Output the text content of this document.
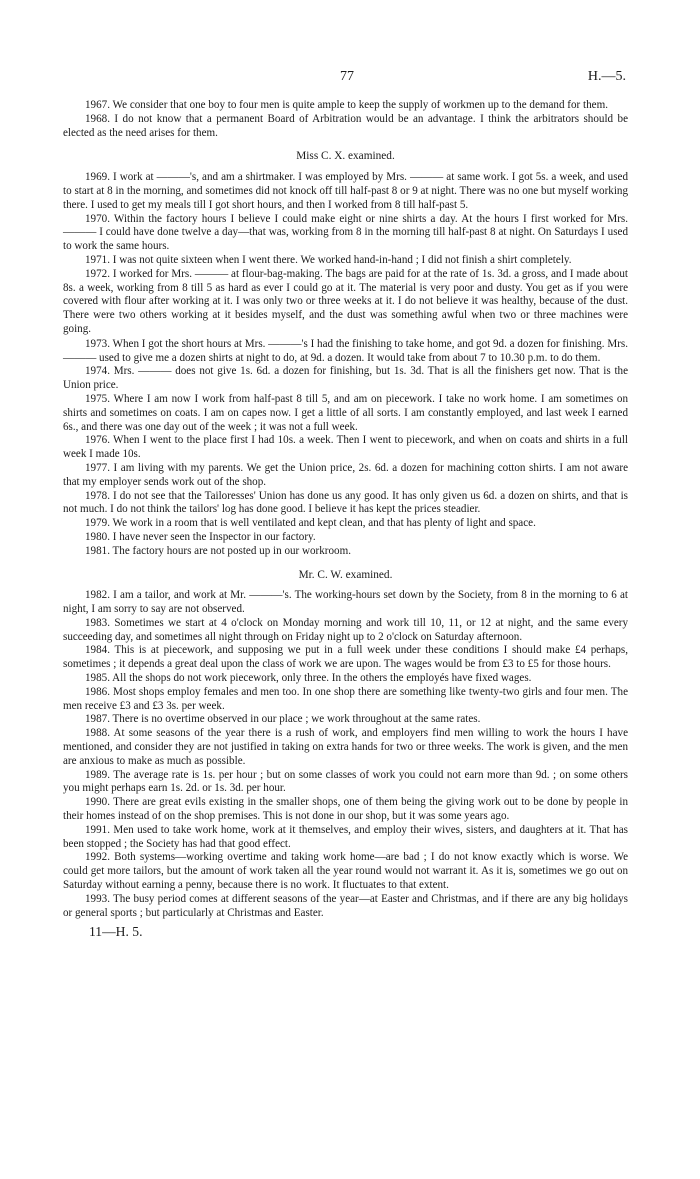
77	H.—5.

1967. We consider that one boy to four men is quite ample to keep the supply of workmen up to the demand for them.

1968. I do not know that a permanent Board of Arbitration would be an advantage. I think the arbitrators should be elected as the need arises for them.

Miss C. X. examined.

1969. I work at ———'s, and am a shirtmaker. I was employed by Mrs. ——— at same work. I got 5s. a week, and used to start at 8 in the morning, and sometimes did not knock off till half-past 8 or 9 at night. There was no one but myself working there. I used to get my meals till I got short hours, and then I worked from 8 till half-past 5.

1970. Within the factory hours I believe I could make eight or nine shirts a day. At the hours I first worked for Mrs. ——— I could have done twelve a day—that was, working from 8 in the morning till half-past 8 at night. On Saturdays I used to work the same hours.

1971. I was not quite sixteen when I went there. We worked hand-in-hand ; I did not finish a shirt completely.

1972. I worked for Mrs. ——— at flour-bag-making. The bags are paid for at the rate of 1s. 3d. a gross, and I made about 8s. a week, working from 8 till 5 as hard as ever I could go at it. The material is very poor and dusty. You get as if you were covered with flour after working at it. I was only two or three weeks at it. I do not believe it was healthy, because of the dust. There were two others working at it besides myself, and the dust was something awful when two or three machines were going.

1973. When I got the short hours at Mrs. ———'s I had the finishing to take home, and got 9d. a dozen for finishing. Mrs. ——— used to give me a dozen shirts at night to do, at 9d. a dozen. It would take from about 7 to 10.30 p.m. to do them.

1974. Mrs. ——— does not give 1s. 6d. a dozen for finishing, but 1s. 3d. That is all the finishers get now. That is the Union price.

1975. Where I am now I work from half-past 8 till 5, and am on piecework. I take no work home. I am sometimes on shirts and sometimes on coats. I am on capes now. I get a little of all sorts. I am constantly employed, and last week I earned 6s., and there was one day out of the week ; it was not a full week.

1976. When I went to the place first I had 10s. a week. Then I went to piecework, and when on coats and shirts in a full week I made 10s.

1977. I am living with my parents. We get the Union price, 2s. 6d. a dozen for machining cotton shirts. I am not aware that my employer sends work out of the shop.

1978. I do not see that the Tailoresses' Union has done us any good. It has only given us 6d. a dozen on shirts, and that is not much. I do not think the tailors' log has done good. I believe it has kept the prices steadier.

1979. We work in a room that is well ventilated and kept clean, and that has plenty of light and space.

1980. I have never seen the Inspector in our factory.

1981. The factory hours are not posted up in our workroom.

Mr. C. W. examined.

1982. I am a tailor, and work at Mr. ———'s. The working-hours set down by the Society, from 8 in the morning to 6 at night, I am sorry to say are not observed.

1983. Sometimes we start at 4 o'clock on Monday morning and work till 10, 11, or 12 at night, and the same every succeeding day, and sometimes all night through on Friday night up to 2 o'clock on Saturday afternoon.

1984. This is at piecework, and supposing we put in a full week under these conditions I should make £4 perhaps, sometimes ; it depends a great deal upon the class of work we are upon. The wages would be from £3 to £5 for those hours.

1985. All the shops do not work piecework, only three. In the others the employés have fixed wages.

1986. Most shops employ females and men too. In one shop there are something like twenty-two girls and four men. The men receive £3 and £3 3s. per week.

1987. There is no overtime observed in our place ; we work throughout at the same rates.

1988. At some seasons of the year there is a rush of work, and employers find men willing to work the hours I have mentioned, and consider they are not justified in taking on extra hands for two or three weeks. The work is given, and the men are anxious to make as much as possible.

1989. The average rate is 1s. per hour ; but on some classes of work you could not earn more than 9d. ; on some others you might perhaps earn 1s. 2d. or 1s. 3d. per hour.

1990. There are great evils existing in the smaller shops, one of them being the giving work out to be done by people in their homes instead of on the shop premises. This is not done in our shop, but it was some years ago.

1991. Men used to take work home, work at it themselves, and employ their wives, sisters, and daughters at it. That has been stopped ; the Society has had that good effect.

1992. Both systems—working overtime and taking work home—are bad ; I do not know exactly which is worse. We could get more tailors, but the amount of work taken all the year round would not warrant it. As it is, sometimes we go out on Saturday without earning a penny, because there is no work. It fluctuates to that extent.

1993. The busy period comes at different seasons of the year—at Easter and Christmas, and if there are any big holidays or general sports ; but particularly at Christmas and Easter.

11—H. 5.
